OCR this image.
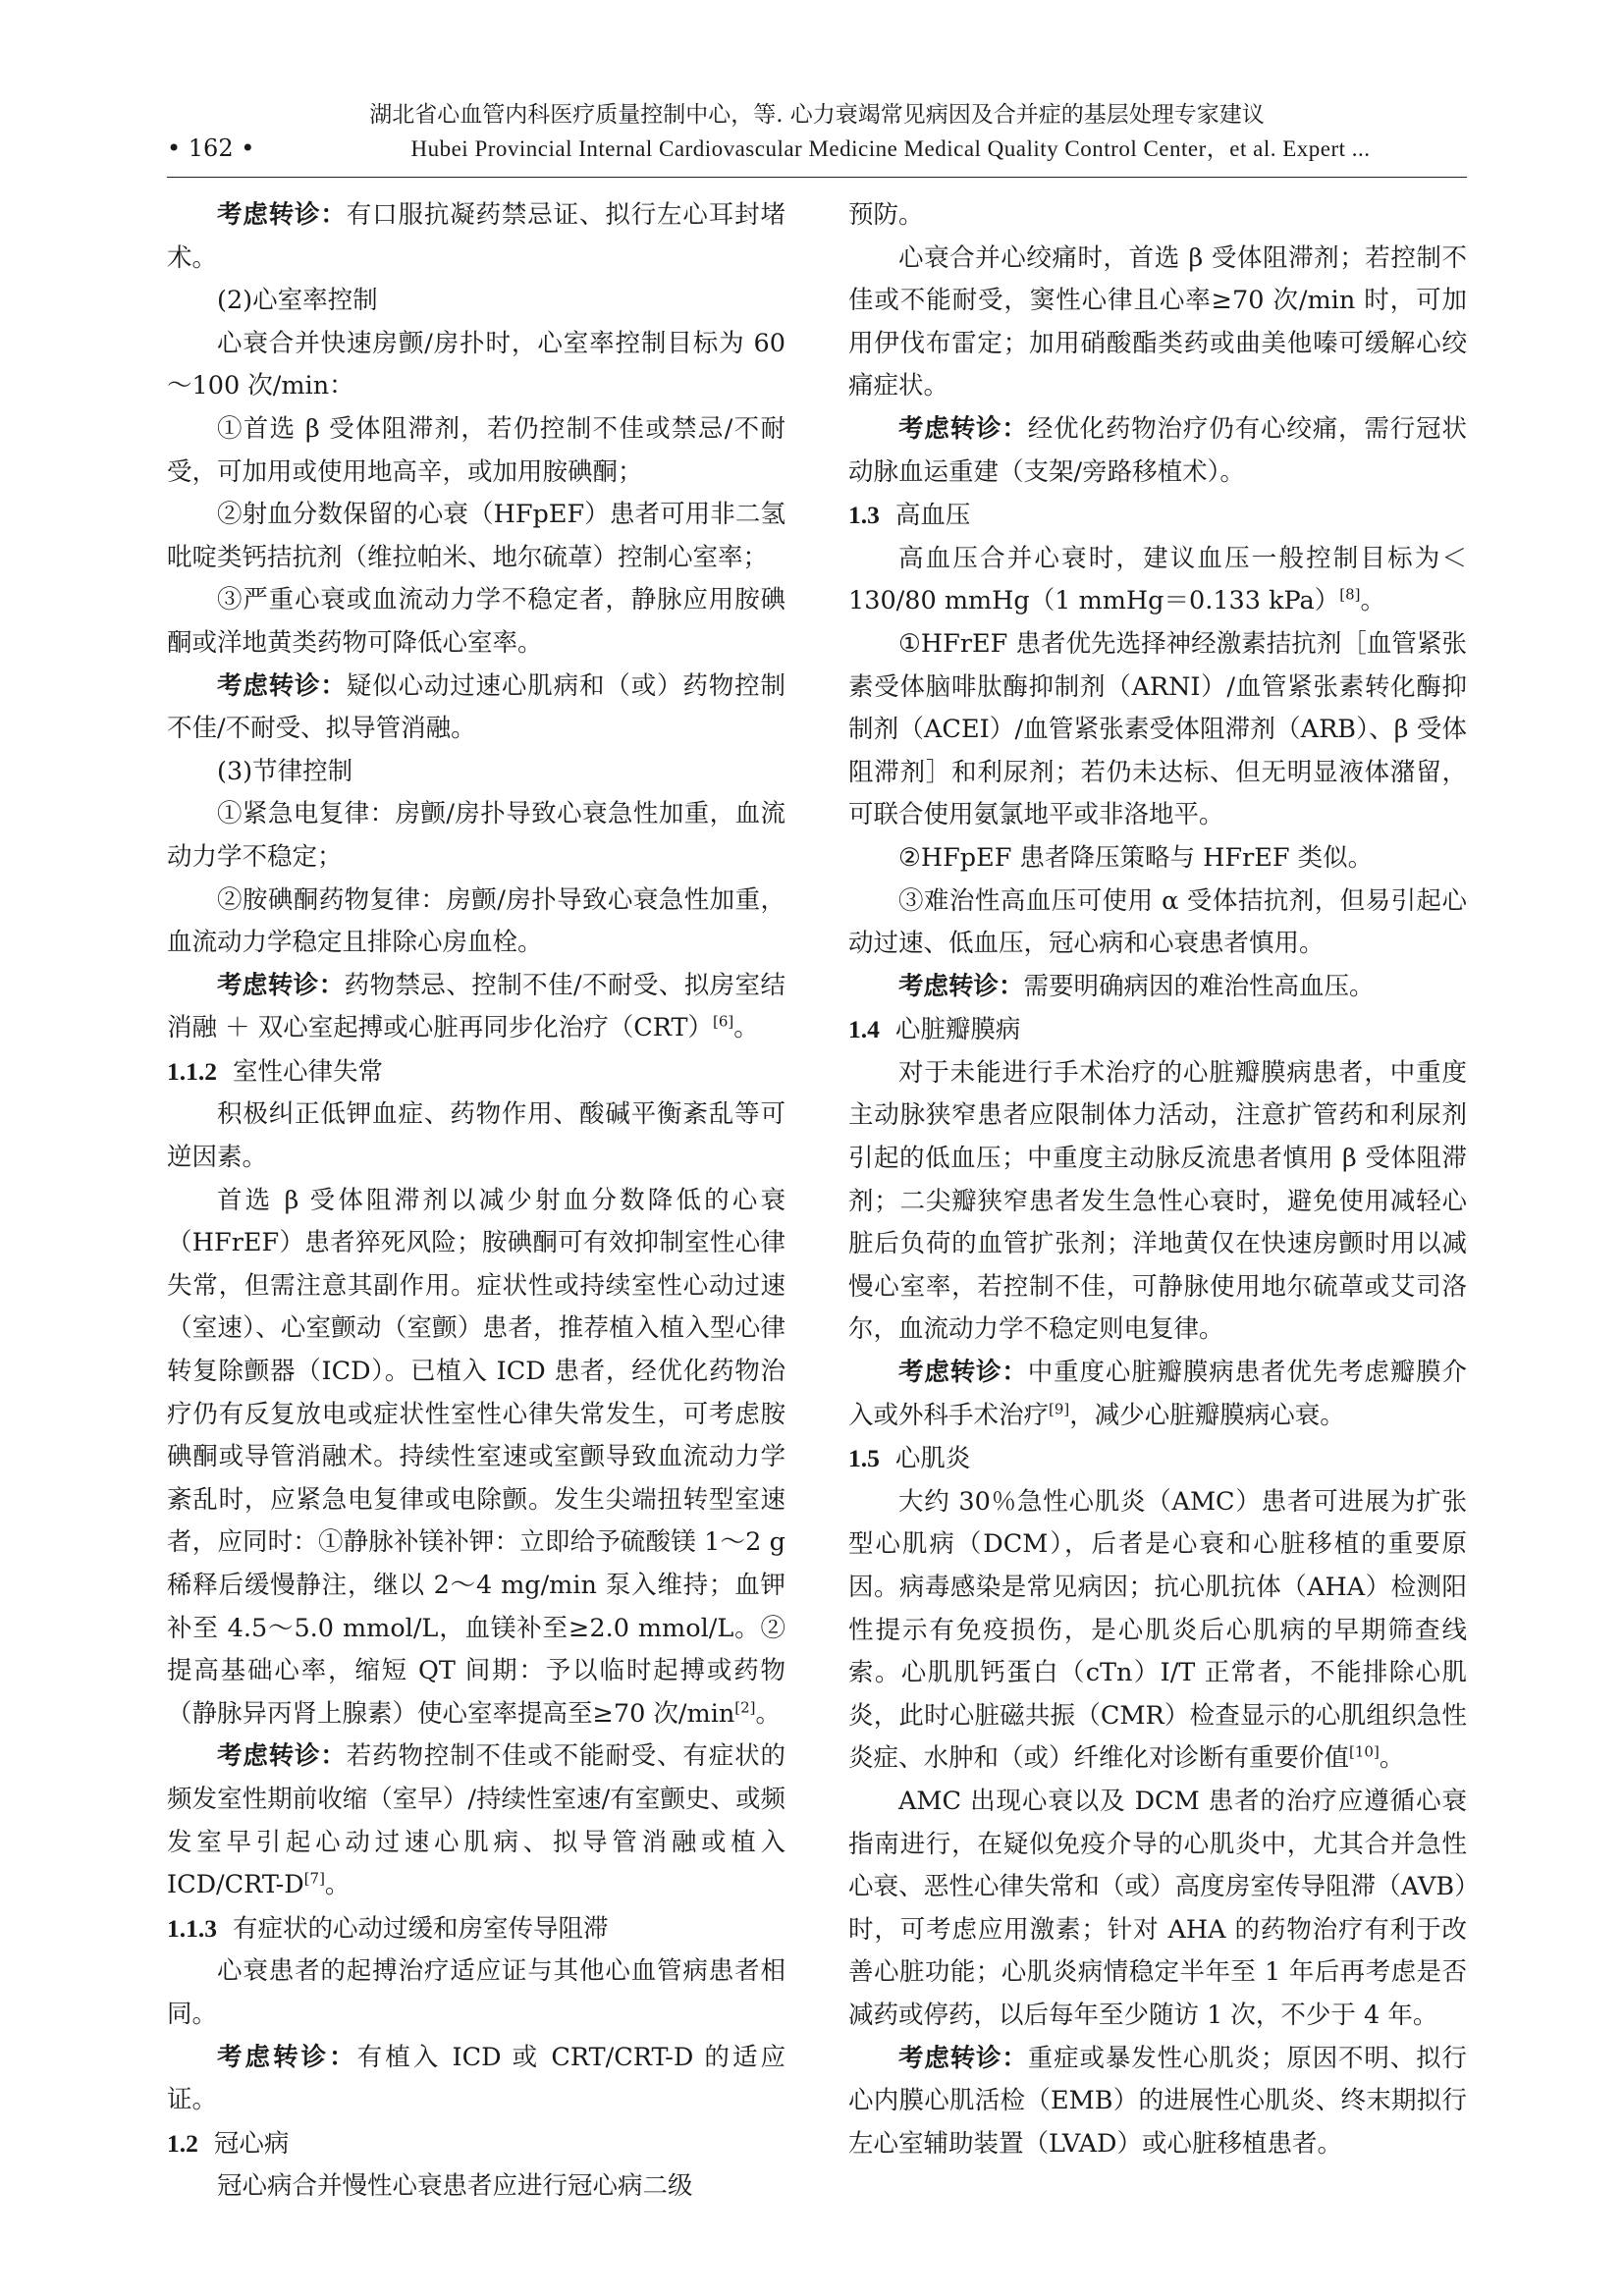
湖北省心血管内科医疗质量控制中心，等. 心力衰竭常见病因及合并症的基层处理专家建议
• 162 •	Hubei Provincial Internal Cardiovascular Medicine Medical Quality Control Center，et al. Expert ...

考虑转诊：有口服抗凝药禁忌证、拟行左心耳封堵术。

(2)心室率控制

心衰合并快速房颤/房扑时，心室率控制目标为 60～100 次/min：

①首选 β 受体阻滞剂，若仍控制不佳或禁忌/不耐受，可加用或使用地高辛，或加用胺碘酮；

②射血分数保留的心衰（HFpEF）患者可用非二氢吡啶类钙拮抗剂（维拉帕米、地尔硫䓬）控制心室率；

③严重心衰或血流动力学不稳定者，静脉应用胺碘酮或洋地黄类药物可降低心室率。

考虑转诊：疑似心动过速心肌病和（或）药物控制不佳/不耐受、拟导管消融。

(3)节律控制

①紧急电复律：房颤/房扑导致心衰急性加重，血流动力学不稳定；

②胺碘酮药物复律：房颤/房扑导致心衰急性加重，血流动力学稳定且排除心房血栓。

考虑转诊：药物禁忌、控制不佳/不耐受、拟房室结消融 ＋ 双心室起搏或心脏再同步化治疗（CRT）[6]。

1.1.2 室性心律失常

积极纠正低钾血症、药物作用、酸碱平衡紊乱等可逆因素。

首选 β 受体阻滞剂以减少射血分数降低的心衰（HFrEF）患者猝死风险；胺碘酮可有效抑制室性心律失常，但需注意其副作用。症状性或持续室性心动过速（室速）、心室颤动（室颤）患者，推荐植入植入型心律转复除颤器（ICD）。已植入 ICD 患者，经优化药物治疗仍有反复放电或症状性室性心律失常发生，可考虑胺碘酮或导管消融术。持续性室速或室颤导致血流动力学紊乱时，应紧急电复律或电除颤。发生尖端扭转型室速者，应同时：①静脉补镁补钾：立即给予硫酸镁 1～2 g 稀释后缓慢静注，继以 2～4 mg/min 泵入维持；血钾补至 4.5～5.0 mmol/L，血镁补至≥2.0 mmol/L。②提高基础心率，缩短 QT 间期：予以临时起搏或药物（静脉异丙肾上腺素）使心室率提高至≥70 次/min[2]。

考虑转诊：若药物控制不佳或不能耐受、有症状的频发室性期前收缩（室早）/持续性室速/有室颤史、或频发室早引起心动过速心肌病、拟导管消融或植入 ICD/CRT-D[7]。

1.1.3 有症状的心动过缓和房室传导阻滞

心衰患者的起搏治疗适应证与其他心血管病患者相同。

考虑转诊：有植入 ICD 或 CRT/CRT-D 的适应证。

1.2 冠心病

冠心病合并慢性心衰患者应进行冠心病二级

预防。

心衰合并心绞痛时，首选 β 受体阻滞剂；若控制不佳或不能耐受，窦性心律且心率≥70 次/min 时，可加用伊伐布雷定；加用硝酸酯类药或曲美他嗪可缓解心绞痛症状。

考虑转诊：经优化药物治疗仍有心绞痛，需行冠状动脉血运重建（支架/旁路移植术）。

1.3 高血压

高血压合并心衰时，建议血压一般控制目标为＜130/80 mmHg（1 mmHg＝0.133 kPa）[8]。

①HFrEF 患者优先选择神经激素拮抗剂［血管紧张素受体脑啡肽酶抑制剂（ARNI）/血管紧张素转化酶抑制剂（ACEI）/血管紧张素受体阻滞剂（ARB）、β 受体阻滞剂］和利尿剂；若仍未达标、但无明显液体潴留，可联合使用氨氯地平或非洛地平。

②HFpEF 患者降压策略与 HFrEF 类似。

③难治性高血压可使用 α 受体拮抗剂，但易引起心动过速、低血压，冠心病和心衰患者慎用。

考虑转诊：需要明确病因的难治性高血压。

1.4 心脏瓣膜病

对于未能进行手术治疗的心脏瓣膜病患者，中重度主动脉狭窄患者应限制体力活动，注意扩管药和利尿剂引起的低血压；中重度主动脉反流患者慎用 β 受体阻滞剂；二尖瓣狭窄患者发生急性心衰时，避免使用减轻心脏后负荷的血管扩张剂；洋地黄仅在快速房颤时用以减慢心室率，若控制不佳，可静脉使用地尔硫䓬或艾司洛尔，血流动力学不稳定则电复律。

考虑转诊：中重度心脏瓣膜病患者优先考虑瓣膜介入或外科手术治疗[9]，减少心脏瓣膜病心衰。

1.5 心肌炎

大约 30％急性心肌炎（AMC）患者可进展为扩张型心肌病（DCM），后者是心衰和心脏移植的重要原因。病毒感染是常见病因；抗心肌抗体（AHA）检测阳性提示有免疫损伤，是心肌炎后心肌病的早期筛查线索。心肌肌钙蛋白（cTn）I/T 正常者，不能排除心肌炎，此时心脏磁共振（CMR）检查显示的心肌组织急性炎症、水肿和（或）纤维化对诊断有重要价值[10]。

AMC 出现心衰以及 DCM 患者的治疗应遵循心衰指南进行，在疑似免疫介导的心肌炎中，尤其合并急性心衰、恶性心律失常和（或）高度房室传导阻滞（AVB）时，可考虑应用激素；针对 AHA 的药物治疗有利于改善心脏功能；心肌炎病情稳定半年至 1 年后再考虑是否减药或停药，以后每年至少随访 1 次，不少于 4 年。

考虑转诊：重症或暴发性心肌炎；原因不明、拟行心内膜心肌活检（EMB）的进展性心肌炎、终末期拟行左心室辅助装置（LVAD）或心脏移植患者。
